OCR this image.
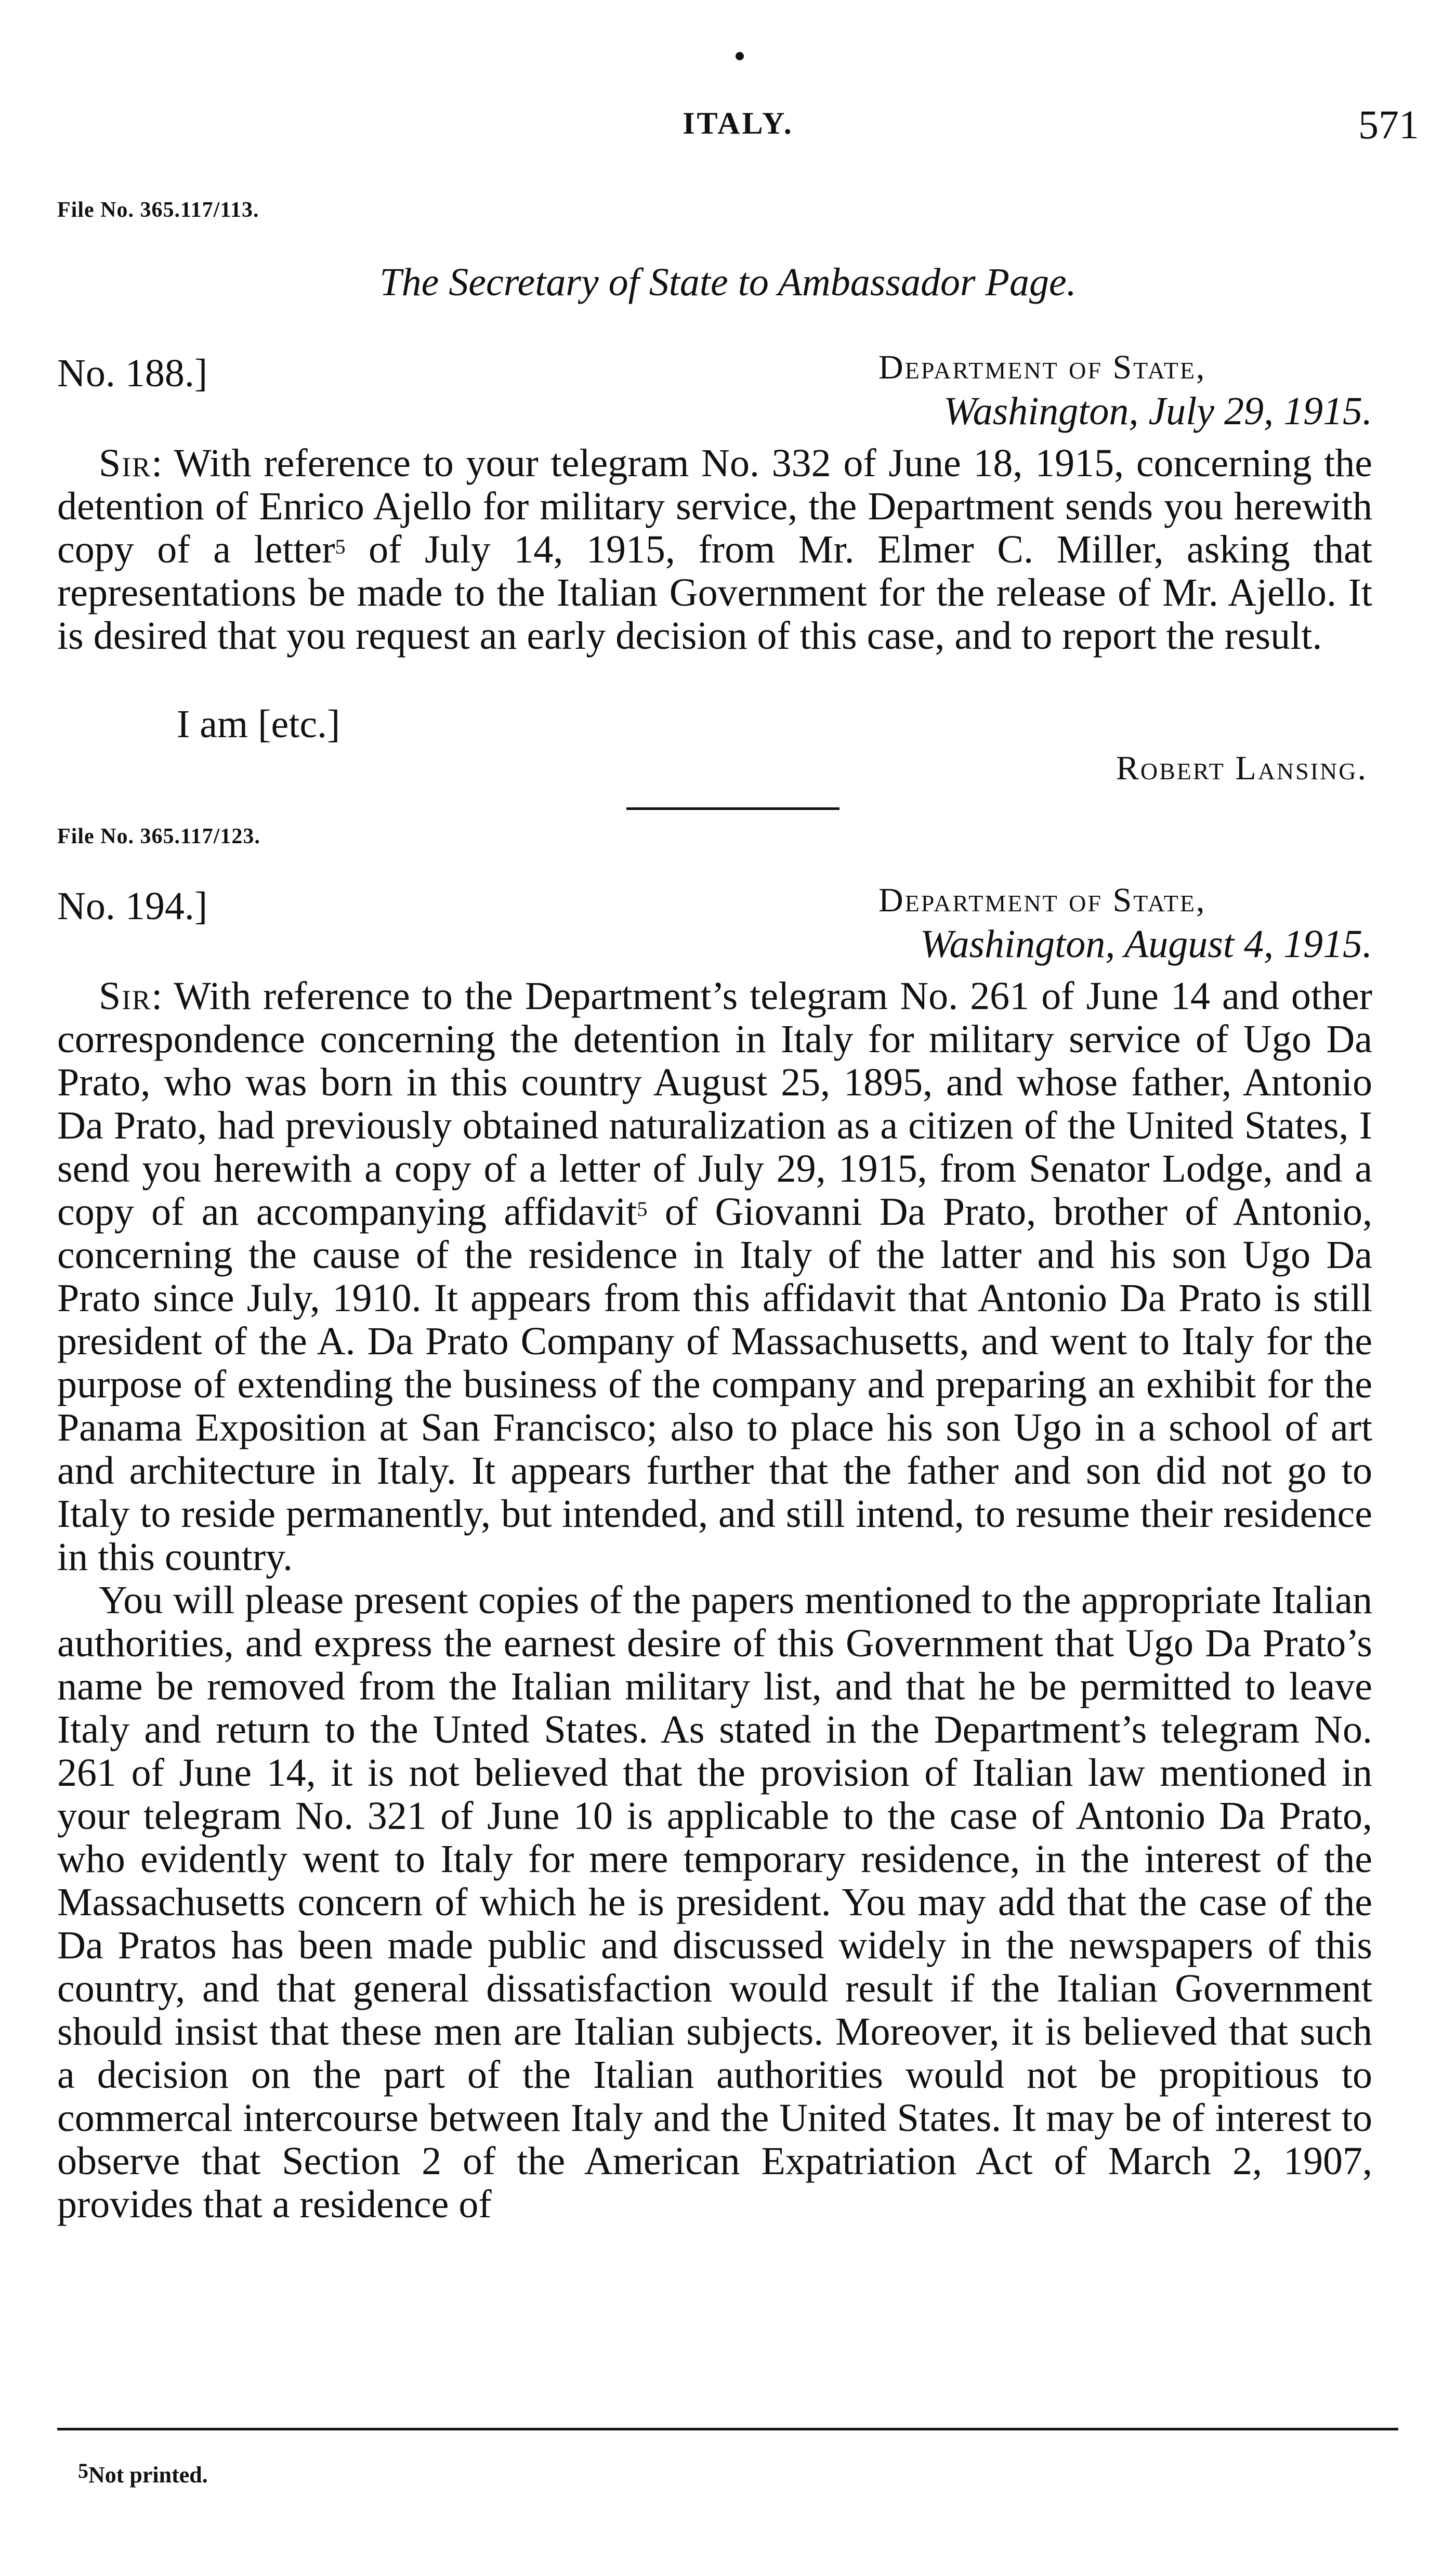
ITALY.	571
File No. 365.117/113.
The Secretary of State to Ambassador Page.
No. 188.]	Department of State,
Washington, July 29, 1915.

Sir: With reference to your telegram No. 332 of June 18, 1915, concerning the detention of Enrico Ajello for military service, the Department sends you herewith copy of a letter$^5$ of July 14, 1915, from Mr. Elmer C. Miller, asking that representations be made to the Italian Government for the release of Mr. Ajello. It is desired that you request an early decision of this case, and to report the result.

I am [etc.]
Robert Lansing.
File No. 365.117/123.
No. 194.]	Department of State,
Washington, August 4, 1915.

Sir: With reference to the Department’s telegram No. 261 of June 14 and other correspondence concerning the detention in Italy for military service of Ugo Da Prato, who was born in this country August 25, 1895, and whose father, Antonio Da Prato, had previously obtained naturalization as a citizen of the United States, I send you herewith a copy of a letter of July 29, 1915, from Senator Lodge, and a copy of an accompanying affidavit$^5$ of Giovanni Da Prato, brother of Antonio, concerning the cause of the residence in Italy of the latter and his son Ugo Da Prato since July, 1910. It appears from this affidavit that Antonio Da Prato is still president of the A. Da Prato Company of Massachusetts, and went to Italy for the purpose of extending the business of the company and preparing an exhibit for the Panama Exposition at San Francisco; also to place his son Ugo in a school of art and architecture in Italy. It appears further that the father and son did not go to Italy to reside permanently, but intended, and still intend, to resume their residence in this country.

You will please present copies of the papers mentioned to the appropriate Italian authorities, and express the earnest desire of this Government that Ugo Da Prato’s name be removed from the Italian military list, and that he be permitted to leave Italy and return to the Unted States. As stated in the Department’s telegram No. 261 of June 14, it is not believed that the provision of Italian law mentioned in your telegram No. 321 of June 10 is applicable to the case of Antonio Da Prato, who evidently went to Italy for mere temporary residence, in the interest of the Massachusetts concern of which he is president. You may add that the case of the Da Pratos has been made public and discussed widely in the newspapers of this country, and that general dissatisfaction would result if the Italian Government should insist that these men are Italian subjects. Moreover, it is believed that such a decision on the part of the Italian authorities would not be propitious to commercal intercourse between Italy and the United States. It may be of interest to observe that Section 2 of the American Expatriation Act of March 2, 1907, provides that a residence of

$^5$Not printed.
